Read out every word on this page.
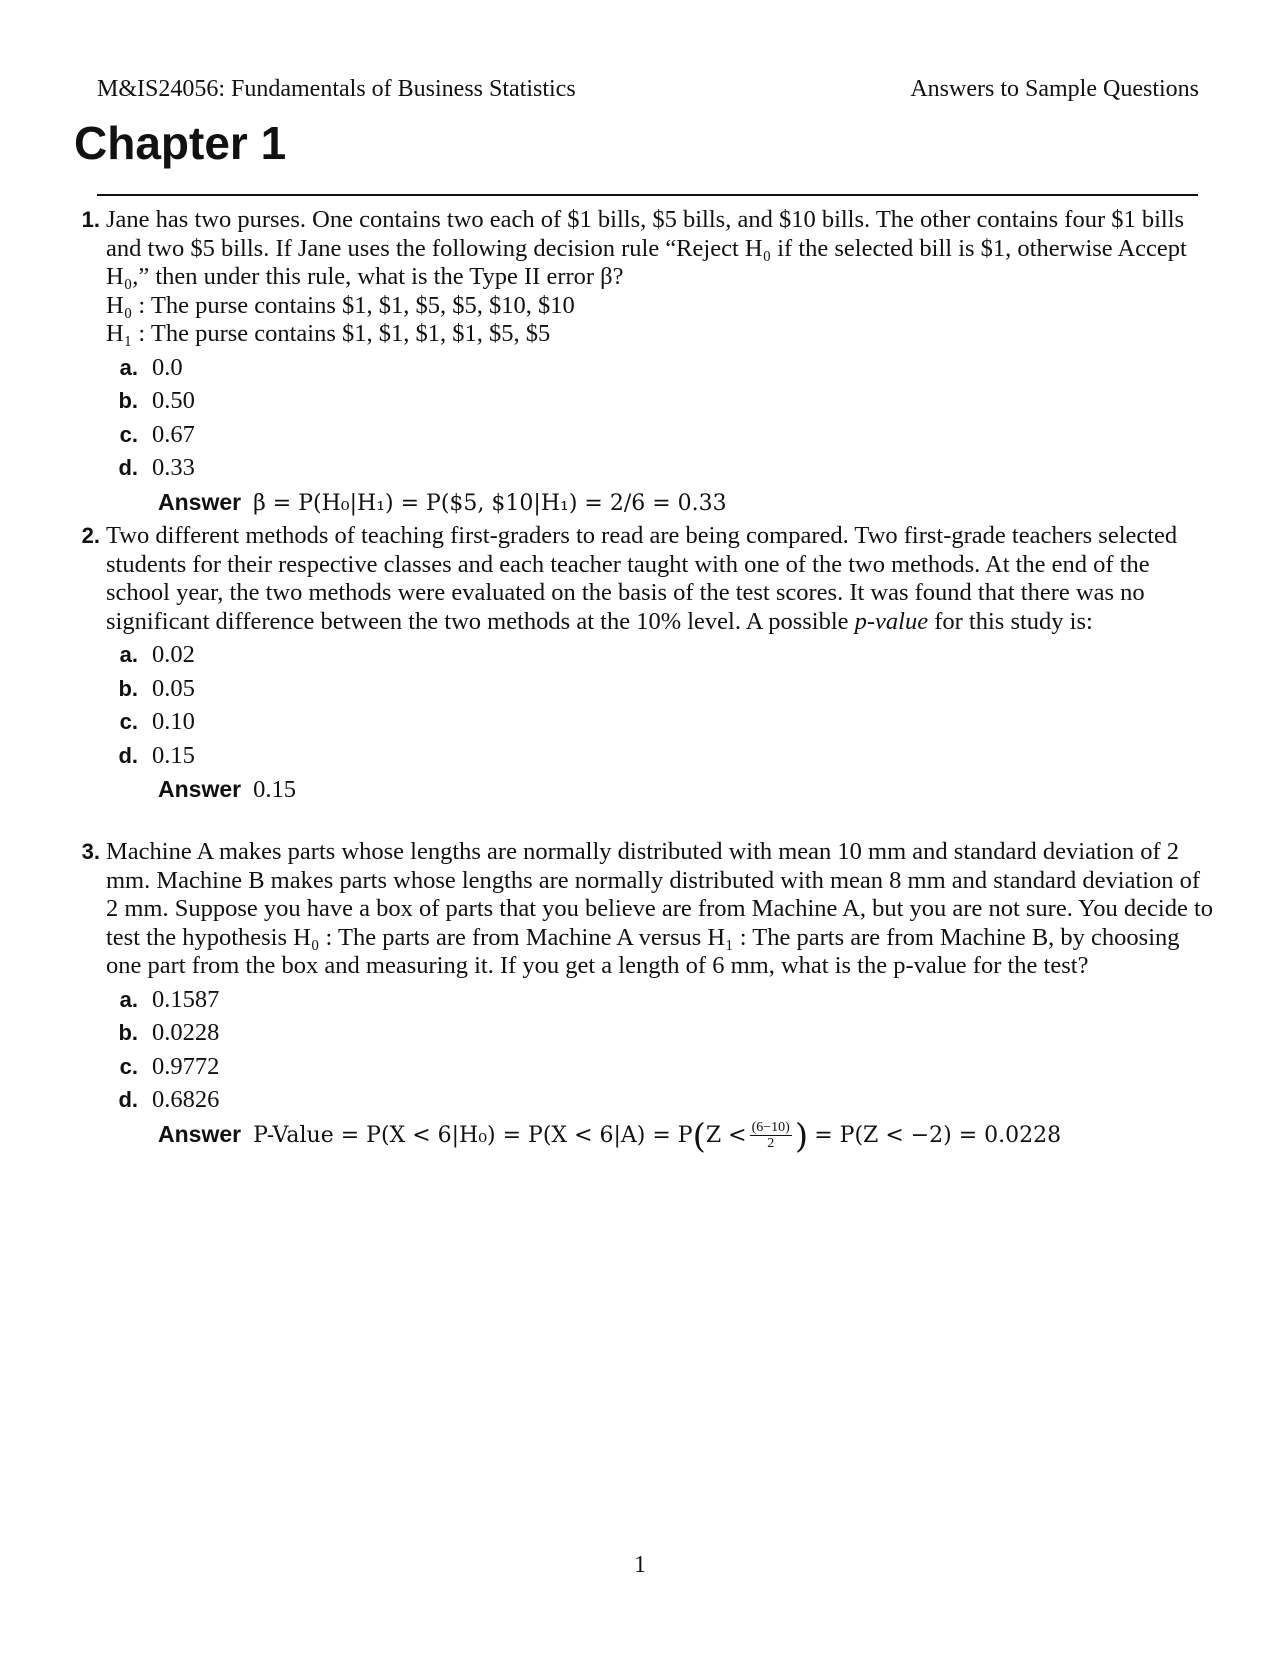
M&IS24056: Fundamentals of Business Statistics	Answers to Sample Questions
Chapter 1
1. Jane has two purses. One contains two each of $1 bills, $5 bills, and $10 bills. The other contains four $1 bills and two $5 bills. If Jane uses the following decision rule “Reject H₀ if the selected bill is $1, otherwise Accept H₀,” then under this rule, what is the Type II error β?
H₀ : The purse contains $1, $1, $5, $5, $10, $10
H₁ : The purse contains $1, $1, $1, $1, $5, $5
a. 0.0
b. 0.50
c. 0.67
d. 0.33
Answer β = P(H₀|H₁) = P($5, $10|H₁) = 2/6 = 0.33
2. Two different methods of teaching first-graders to read are being compared. Two first-grade teachers selected students for their respective classes and each teacher taught with one of the two methods. At the end of the school year, the two methods were evaluated on the basis of the test scores. It was found that there was no significant difference between the two methods at the 10% level. A possible p-value for this study is:
a. 0.02
b. 0.05
c. 0.10
d. 0.15
Answer 0.15
3. Machine A makes parts whose lengths are normally distributed with mean 10 mm and standard deviation of 2 mm. Machine B makes parts whose lengths are normally distributed with mean 8 mm and standard deviation of 2 mm. Suppose you have a box of parts that you believe are from Machine A, but you are not sure. You decide to test the hypothesis H₀ : The parts are from Machine A versus H₁ : The parts are from Machine B, by choosing one part from the box and measuring it. If you get a length of 6 mm, what is the p-value for the test?
a. 0.1587
b. 0.0228
c. 0.9772
d. 0.6826
Answer P-Value = $P(X < 6|H_0) = P(X < 6|A) = P(Z < \frac{(6-10)}{2}$ ) = P(Z < −2) = 0.0228
1
